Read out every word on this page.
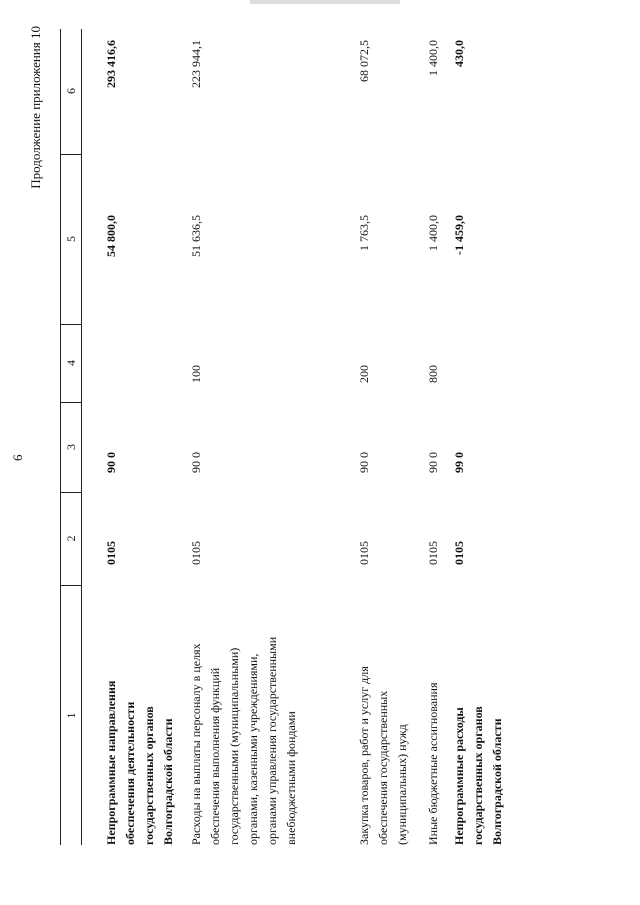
6
Продолжение приложения 10
1
2
3
4
5
6
Непрограммные направления обеспечения деятельности государственных органов Волгоградской области
0105
90 0
54 800,0
293 416,6
Расходы на выплаты персоналу в целях обеспечения выполнения функций государственными (муниципальными) органами, казенными учреждениями, органами управления государственными внебюджетными фондами
0105
90 0
100
51 636,5
223 944,1
Закупка товаров, работ и услуг для обеспечения государственных (муниципальных) нужд
0105
90 0
200
1 763,5
68 072,5
Иные бюджетные ассигнования
0105
90 0
800
1 400,0
1 400,0
Непрограммные расходы государственных органов Волгоградской области
0105
99 0
-1 459,0
430,0
